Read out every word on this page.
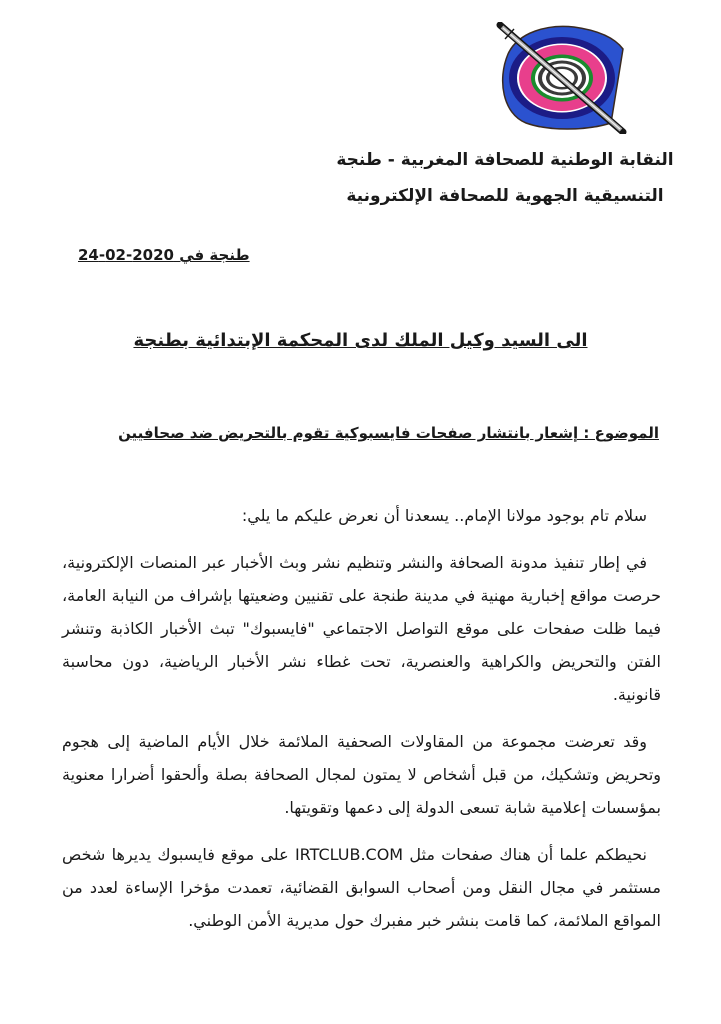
النقابة الوطنية للصحافة المغربية - طنجة
التنسيقية الجهوية للصحافة الإلكترونية
طنجة في 2020-02-24
الى السيد وكيل الملك لدى المحكمة الإبتدائية بطنجة
الموضوع : إشعار بانتشار صفحات فايسبوكية تقوم بالتحريض ضد صحافيين

سلام تام بوجود مولانا الإمام.. يسعدنا أن نعرض عليكم ما يلي:

في إطار تنفيذ مدونة الصحافة والنشر وتنظيم نشر وبث الأخبار عبر المنصات الإلكترونية، حرصت مواقع إخبارية مهنية في مدينة طنجة على تقنيين وضعيتها بإشراف من النيابة العامة، فيما ظلت صفحات على موقع التواصل الاجتماعي "فايسبوك" تبث الأخبار الكاذبة وتنشر الفتن والتحريض والكراهية والعنصرية، تحت غطاء نشر الأخبار الرياضية، دون محاسبة قانونية.

وقد تعرضت مجموعة من المقاولات الصحفية الملائمة خلال الأيام الماضية إلى هجوم وتحريض وتشكيك، من قبل أشخاص لا يمتون لمجال الصحافة بصلة وألحقوا أضرارا معنوية بمؤسسات إعلامية شابة تسعى الدولة إلى دعمها وتقويتها.

نحيطكم علما أن هناك صفحات مثل IRTCLUB.COM على موقع فايسبوك يديرها شخص مستثمر في مجال النقل ومن أصحاب السوابق القضائية، تعمدت مؤخرا الإساءة لعدد من المواقع الملائمة، كما قامت بنشر خبر مفبرك حول مديرية الأمن الوطني.
